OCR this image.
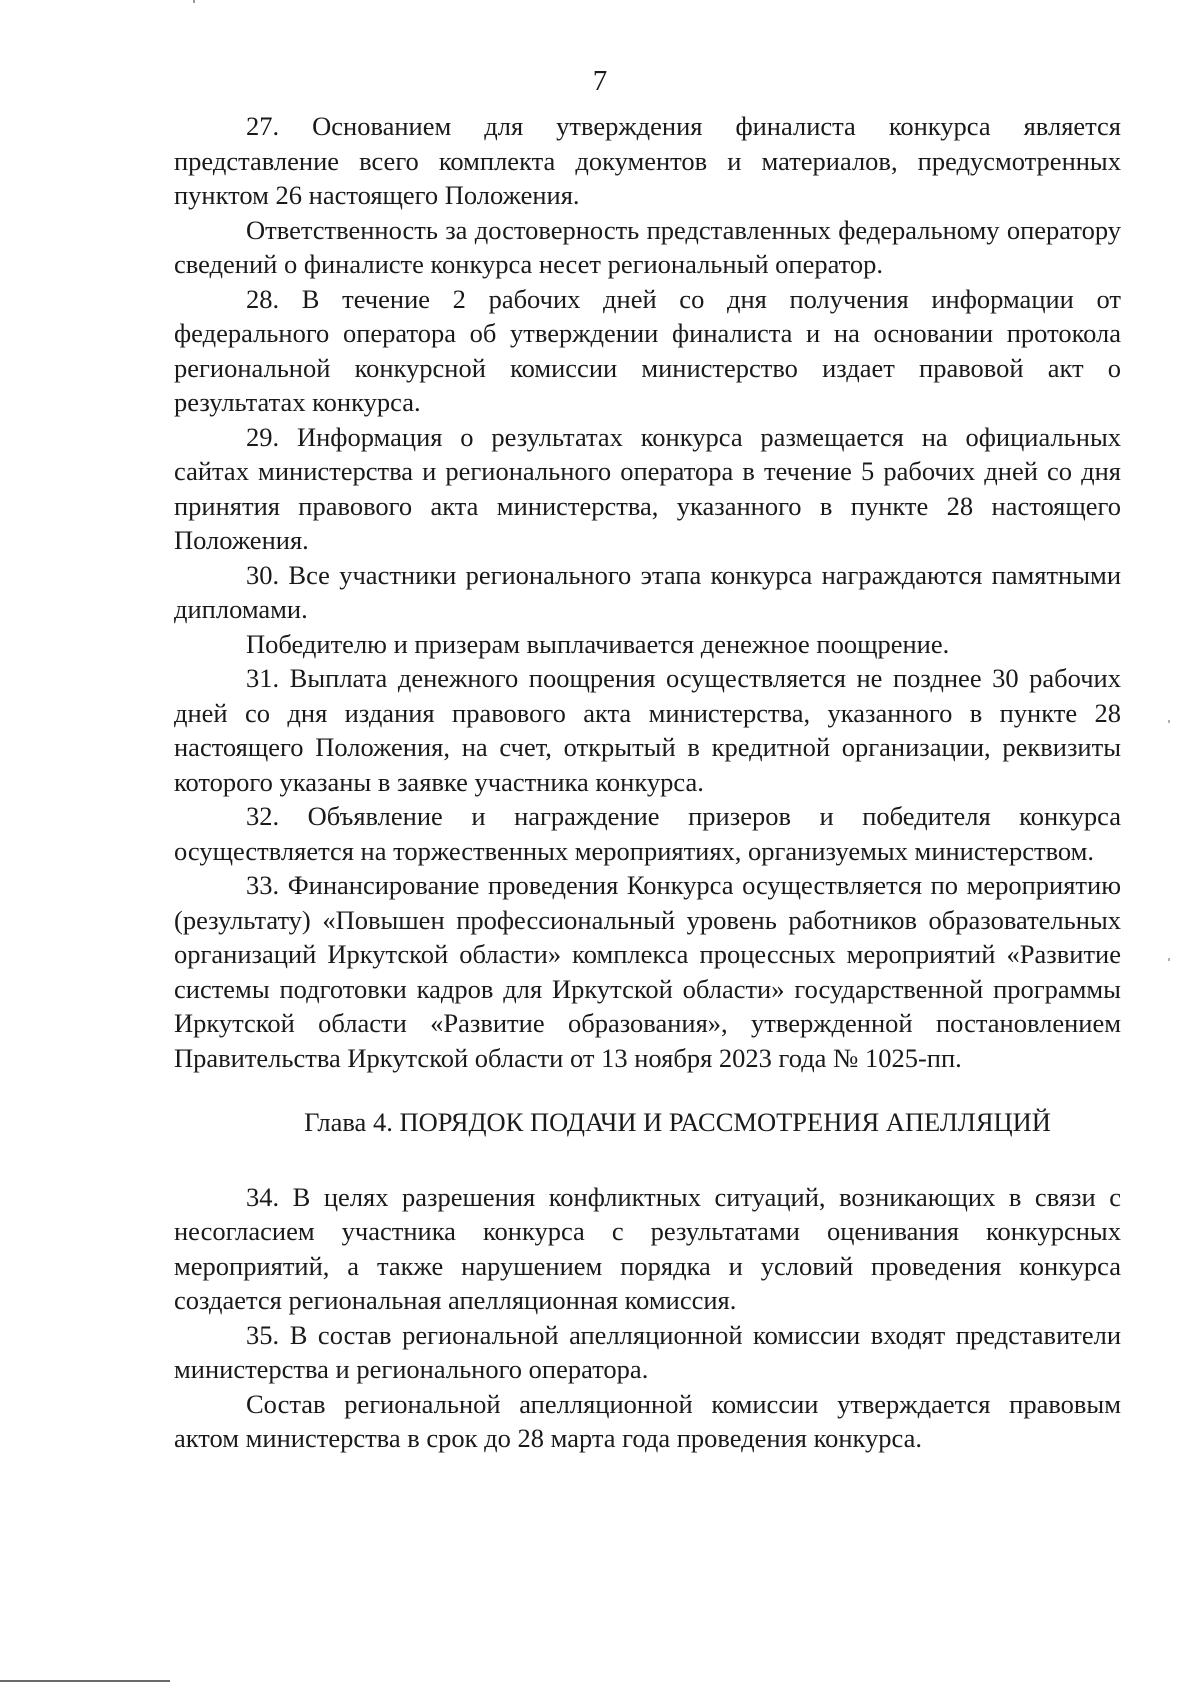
7

27. Основанием для утверждения финалиста конкурса является представление всего комплекта документов и материалов, предусмотренных пунктом 26 настоящего Положения.

Ответственность за достоверность представленных федеральному оператору сведений о финалисте конкурса несет региональный оператор.

28. В течение 2 рабочих дней со дня получения информации от федерального оператора об утверждении финалиста и на основании протокола региональной конкурсной комиссии министерство издает правовой акт о результатах конкурса.

29. Информация о результатах конкурса размещается на официальных сайтах министерства и регионального оператора в течение 5 рабочих дней со дня принятия правового акта министерства, указанного в пункте 28 настоящего Положения.

30. Все участники регионального этапа конкурса награждаются памятными дипломами.

Победителю и призерам выплачивается денежное поощрение.

31. Выплата денежного поощрения осуществляется не позднее 30 рабочих дней со дня издания правового акта министерства, указанного в пункте 28 настоящего Положения, на счет, открытый в кредитной организации, реквизиты которого указаны в заявке участника конкурса.

32. Объявление и награждение призеров и победителя конкурса осуществляется на торжественных мероприятиях, организуемых министерством.

33. Финансирование проведения Конкурса осуществляется по мероприятию (результату) «Повышен профессиональный уровень работников образовательных организаций Иркутской области» комплекса процессных мероприятий «Развитие системы подготовки кадров для Иркутской области» государственной программы Иркутской области «Развитие образования», утвержденной постановлением Правительства Иркутской области от 13 ноября 2023 года № 1025-пп.

Глава 4. ПОРЯДОК ПОДАЧИ И РАССМОТРЕНИЯ АПЕЛЛЯЦИЙ

34. В целях разрешения конфликтных ситуаций, возникающих в связи с несогласием участника конкурса с результатами оценивания конкурсных мероприятий, а также нарушением порядка и условий проведения конкурса создается региональная апелляционная комиссия.

35. В состав региональной апелляционной комиссии входят представители министерства и регионального оператора.

Состав региональной апелляционной комиссии утверждается правовым актом министерства в срок до 28 марта года проведения конкурса.
